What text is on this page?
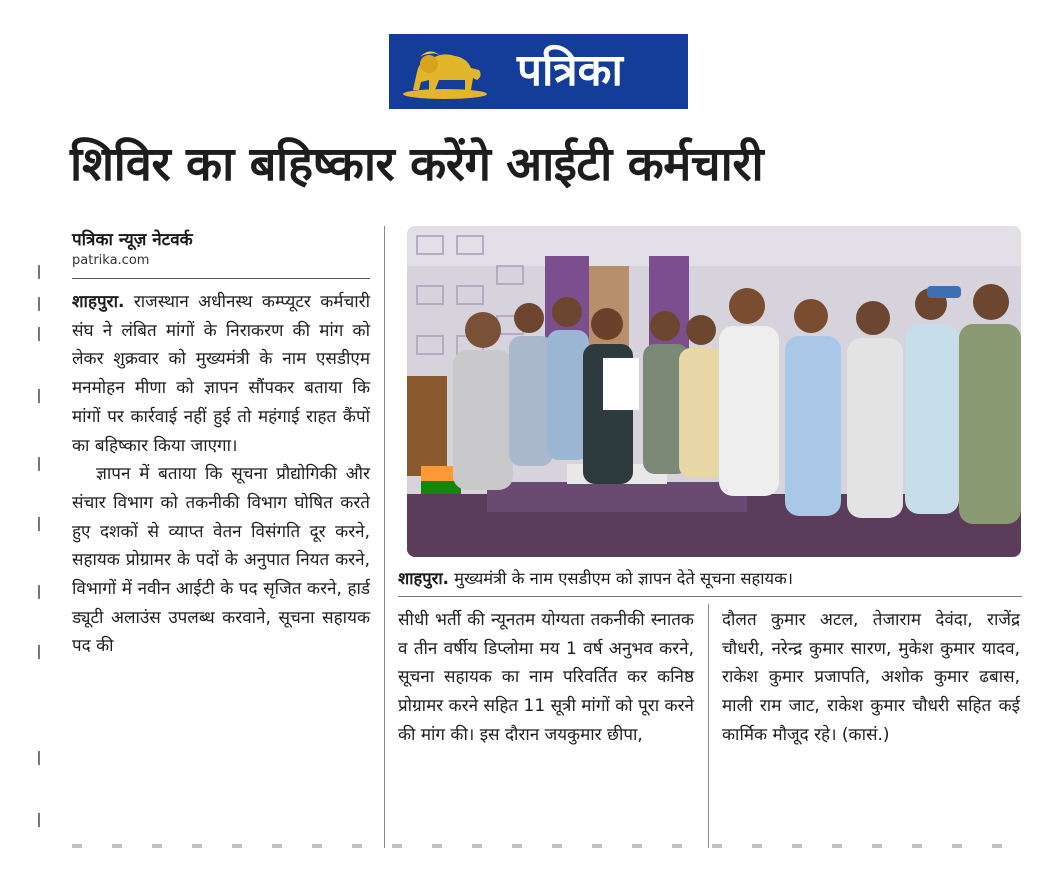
पत्रिका
शिविर का बहिष्कार करेंगे आईटी कर्मचारी
पत्रिका न्यूज़ नेटवर्क
patrika.com

शाहपुरा. राजस्थान अधीनस्थ कम्प्यूटर कर्मचारी संघ ने लंबित मांगों के निराकरण की मांग को लेकर शुक्रवार को मुख्यमंत्री के नाम एसडीएम मनमोहन मीणा को ज्ञापन सौंपकर बताया कि मांगों पर कार्रवाई नहीं हुई तो महंगाई राहत कैंपों का बहिष्कार किया जाएगा।

ज्ञापन में बताया कि सूचना प्रौद्योगिकी और संचार विभाग को तकनीकी विभाग घोषित करते हुए दशकों से व्याप्त वेतन विसंगति दूर करने, सहायक प्रोग्रामर के पदों के अनुपात नियत करने, विभागों में नवीन आईटी के पद सृजित करने, हार्ड ड्यूटी अलाउंस उपलब्ध करवाने, सूचना सहायक पद की

शाहपुरा. मुख्यमंत्री के नाम एसडीएम को ज्ञापन देते सूचना सहायक।
सीधी भर्ती की न्यूनतम योग्यता तकनीकी स्नातक व तीन वर्षीय डिप्लोमा मय 1 वर्ष अनुभव करने, सूचना सहायक का नाम परिवर्तित कर कनिष्ठ प्रोग्रामर करने सहित 11 सूत्री मांगों को पूरा करने की मांग की। इस दौरान जयकुमार छीपा,
दौलत कुमार अटल, तेजाराम देवंदा, राजेंद्र चौधरी, नरेन्द्र कुमार सारण, मुकेश कुमार यादव, राकेश कुमार प्रजापति, अशोक कुमार ढबास, माली राम जाट, राकेश कुमार चौधरी सहित कई कार्मिक मौजूद रहे। (कासं.)
